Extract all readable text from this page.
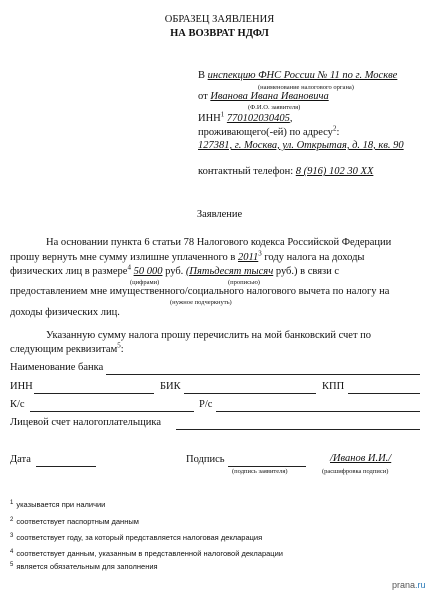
ОБРАЗЕЦ ЗАЯВЛЕНИЯ
НА ВОЗВРАТ НДФЛ
В инспекцию ФНС России № 11 по г. Москве
(наименование налогового органа)
от Иванова Ивана Ивановича
(Ф.И.О. заявителя)
ИНН$^1$ 770102030405,
проживающего(-ей) по адресу$^2$:
127381, г. Москва, ул. Открытая, д. 18, кв. 90
контактный телефон: 8 (916) 102 30 XX
Заявление
На основании пункта 6 статьи 78 Налогового кодекса Российской Федерации
прошу вернуть мне сумму излишне уплаченного в 2011$^3$ году налога на доходы
физических лиц в размере$^4$ 50 000 руб. (Пятьдесят тысяч руб.) в связи с
(цифрами)	(прописью)
предоставлением мне имущественного/социального налогового вычета по налогу на
(нужное подчеркнуть)
доходы физических лиц.
Указанную сумму налога прошу перечислить на мой банковский счет по
следующим реквизитам$^5$:
Наименование банка
ИНН	БИК	КПП
К/с	Р/с
Лицевой счет налогоплательщика
Дата	Подпись
(подпись заявителя)
/Иванов И.И./
(расшифровка подписи)
$^1$ указывается при наличии
$^2$ соответствует паспортным данным
$^3$ соответствует году, за который представляется налоговая декларация
$^4$ соответствует данным, указанным в представленной налоговой декларации
$^5$ является обязательным для заполнения
prana.ru
